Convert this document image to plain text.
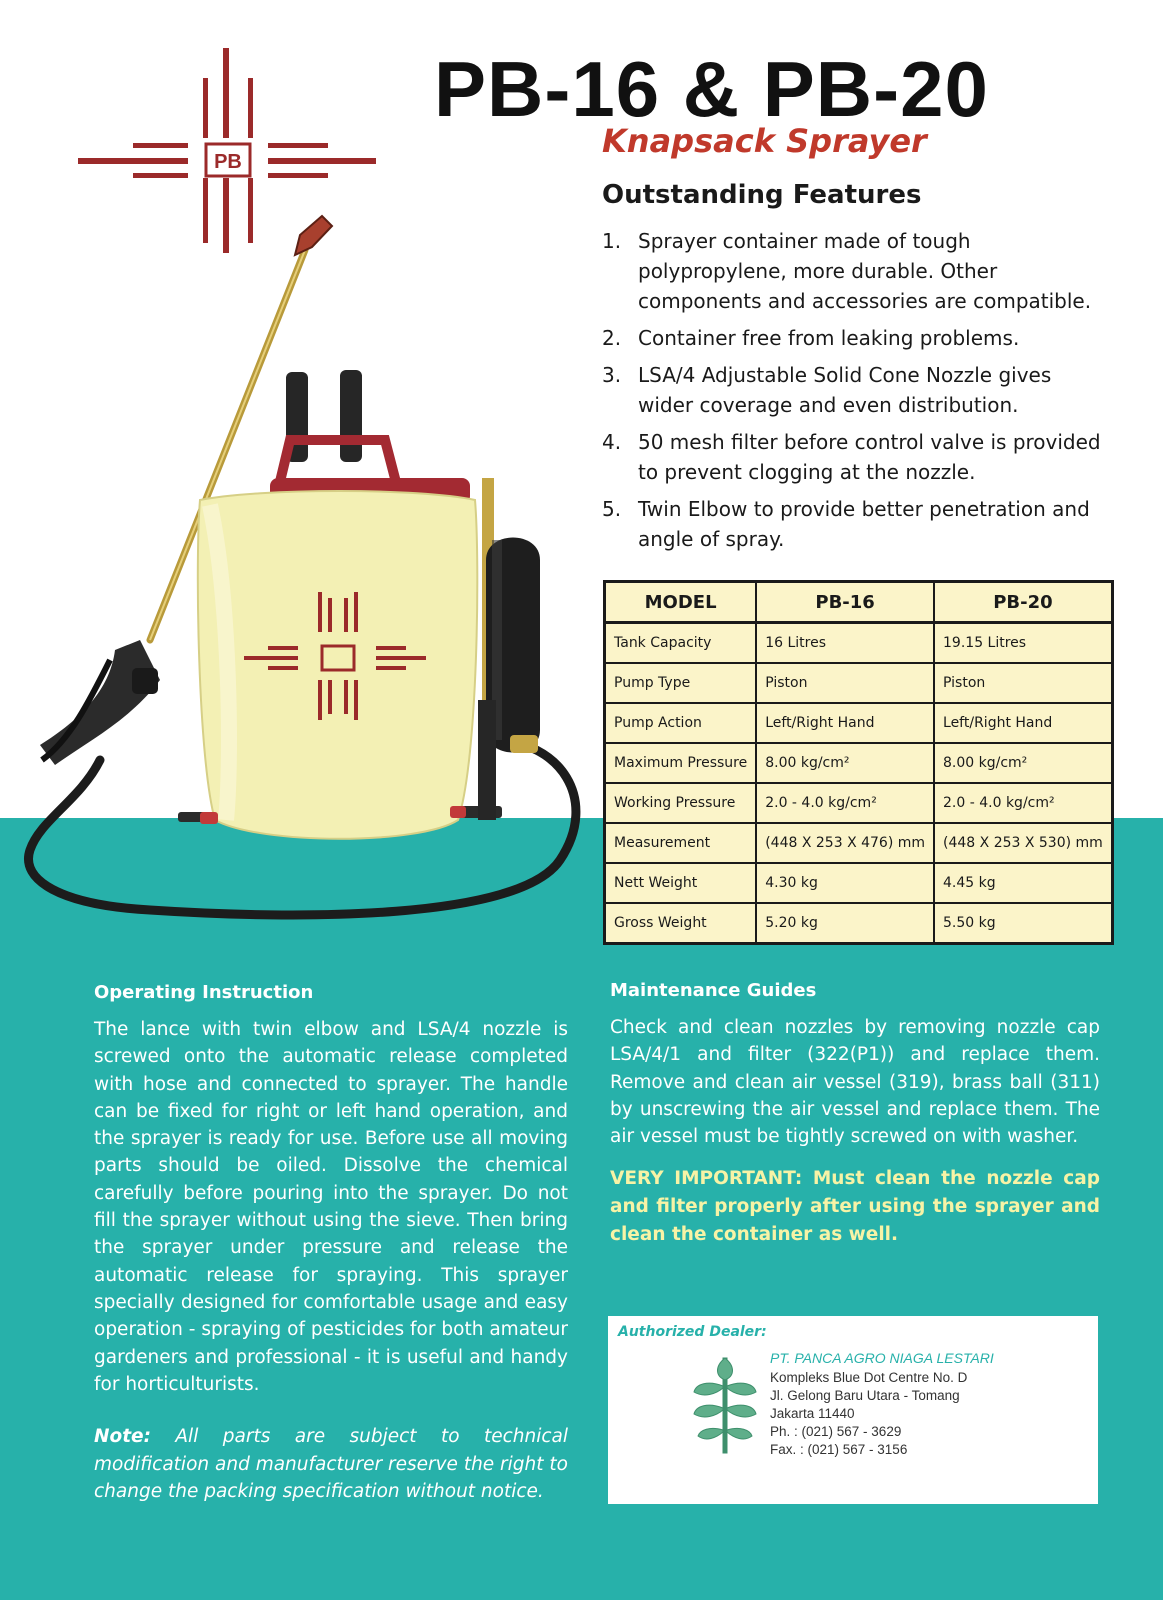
PB
PB-16 & PB-20
Knapsack Sprayer
Outstanding Features
1. Sprayer container made of tough polypropylene, more durable. Other components and accessories are compatible.
2. Container free from leaking problems.
3. LSA/4 Adjustable Solid Cone Nozzle gives wider coverage and even distribution.
4. 50 mesh filter before control valve is provided to prevent clogging at the nozzle.
5. Twin Elbow to provide better penetration and angle of spray.
MODEL	PB-16	PB-20
Tank Capacity	16 Litres	19.15 Litres
Pump Type	Piston	Piston
Pump Action	Left/Right Hand	Left/Right Hand
Maximum Pressure	8.00 kg/cm²	8.00 kg/cm²
Working Pressure	2.0 - 4.0 kg/cm²	2.0 - 4.0 kg/cm²
Measurement	(448 X 253 X 476) mm	(448 X 253 X 530) mm
Nett Weight	4.30 kg	4.45 kg
Gross Weight	5.20 kg	5.50 kg
Operating Instruction
The lance with twin elbow and LSA/4 nozzle is screwed onto the automatic release completed with hose and connected to sprayer. The handle can be fixed for right or left hand operation, and the sprayer is ready for use. Before use all moving parts should be oiled. Dissolve the chemical carefully before pouring into the sprayer. Do not fill the sprayer without using the sieve. Then bring the sprayer under pressure and release the automatic release for spraying. This sprayer specially designed for comfortable usage and easy operation - spraying of pesticides for both amateur gardeners and professional - it is useful and handy for horticulturists.
Note: All parts are subject to technical modification and manufacturer reserve the right to change the packing specification without notice.
Maintenance Guides
Check and clean nozzles by removing nozzle cap LSA/4/1 and filter (322(P1)) and replace them. Remove and clean air vessel (319), brass ball (311) by unscrewing the air vessel and replace them. The air vessel must be tightly screwed on with washer.
VERY IMPORTANT: Must clean the nozzle cap and filter properly after using the sprayer and clean the container as well.
Authorized Dealer:
PT. PANCA AGRO NIAGA LESTARI
Kompleks Blue Dot Centre No. D
Jl. Gelong Baru Utara - Tomang
Jakarta 11440
Ph. : (021) 567 - 3629
Fax. : (021) 567 - 3156
